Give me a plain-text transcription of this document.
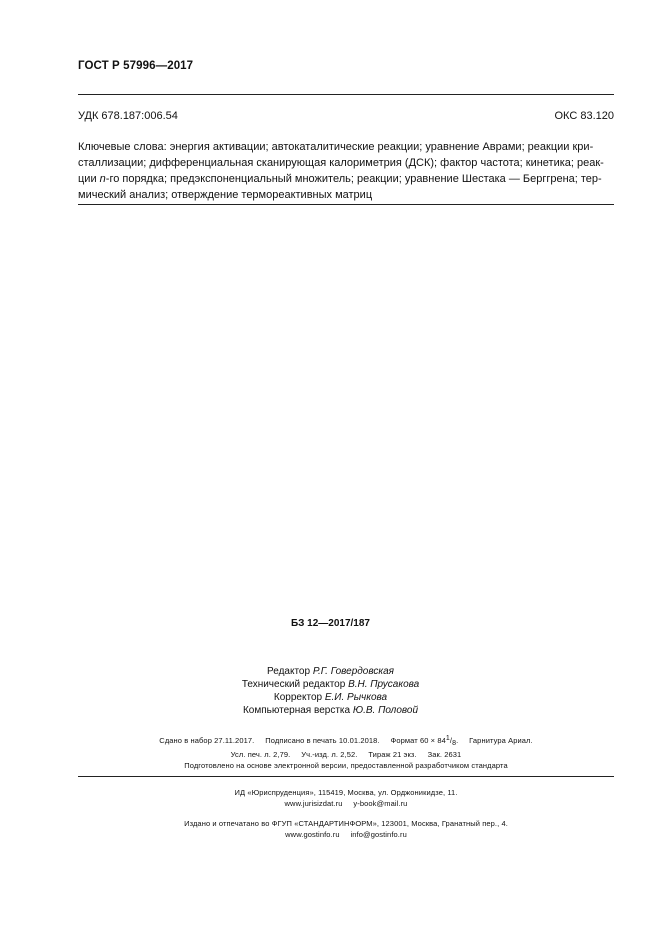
ГОСТ Р 57996—2017
УДК 678.187:006.54	ОКС 83.120
Ключевые слова: энергия активации; автокаталитические реакции; уравнение Аврами; реакции кри-
сталлизации; дифференциальная сканирующая калориметрия (ДСК); фактор частота; кинетика; реак-
ции n-го порядка; предэкспоненциальный множитель; реакции; уравнение Шестака — Берггрена; тер-
мический анализ; отверждение термореактивных матриц
БЗ 12—2017/187
Редактор Р.Г. Говердовская
Технический редактор В.Н. Прусакова
Корректор Е.И. Рычкова
Компьютерная верстка Ю.В. Половой
Сдано в набор 27.11.2017.     Подписано в печать 10.01.2018.     Формат $60 \times 84^1/_8$.     Гарнитура Ариал.
Усл. печ. л. 2,79.     Уч.-изд. л. 2,52.     Тираж 21 экз.     Зак. 2631
Подготовлено на основе электронной версии, предоставленной разработчиком стандарта
ИД «Юриспруденция», 115419, Москва, ул. Орджоникидзе, 11.
www.jurisizdat.ru     y-book@mail.ru
Издано и отпечатано во ФГУП «СТАНДАРТИНФОРМ», 123001, Москва, Гранатный пер., 4.
www.gostinfo.ru     info@gostinfo.ru
